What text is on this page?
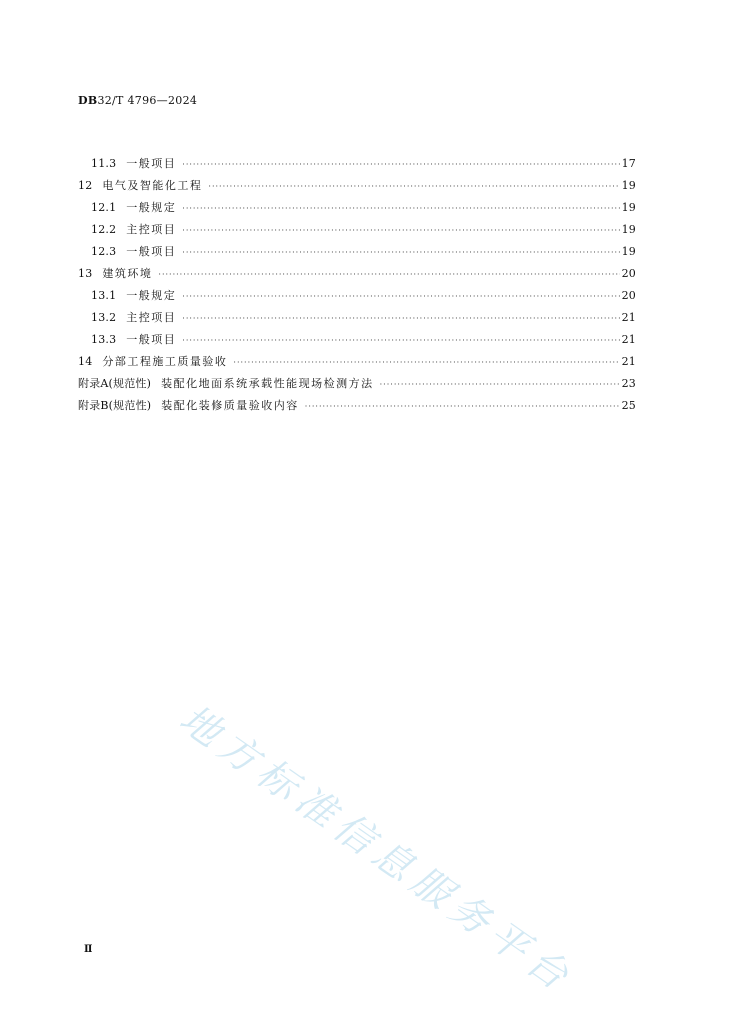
DB32/T 4796—2024
11.3 一般项目 ·····	17
12 电气及智能化工程 ·····	19
12.1 一般规定 ·····	19
12.2 主控项目 ·····	19
12.3 一般项目 ·····	19
13 建筑环境 ·····	20
13.1 一般规定 ·····	20
13.2 主控项目 ·····	21
13.3 一般项目 ·····	21
14 分部工程施工质量验收 ·····	21
附录A(规范性) 装配化地面系统承载性能现场检测方法 ·····	23
附录B(规范性) 装配化装修质量验收内容 ·····	25
地方标准信息服务平台
Ⅱ
